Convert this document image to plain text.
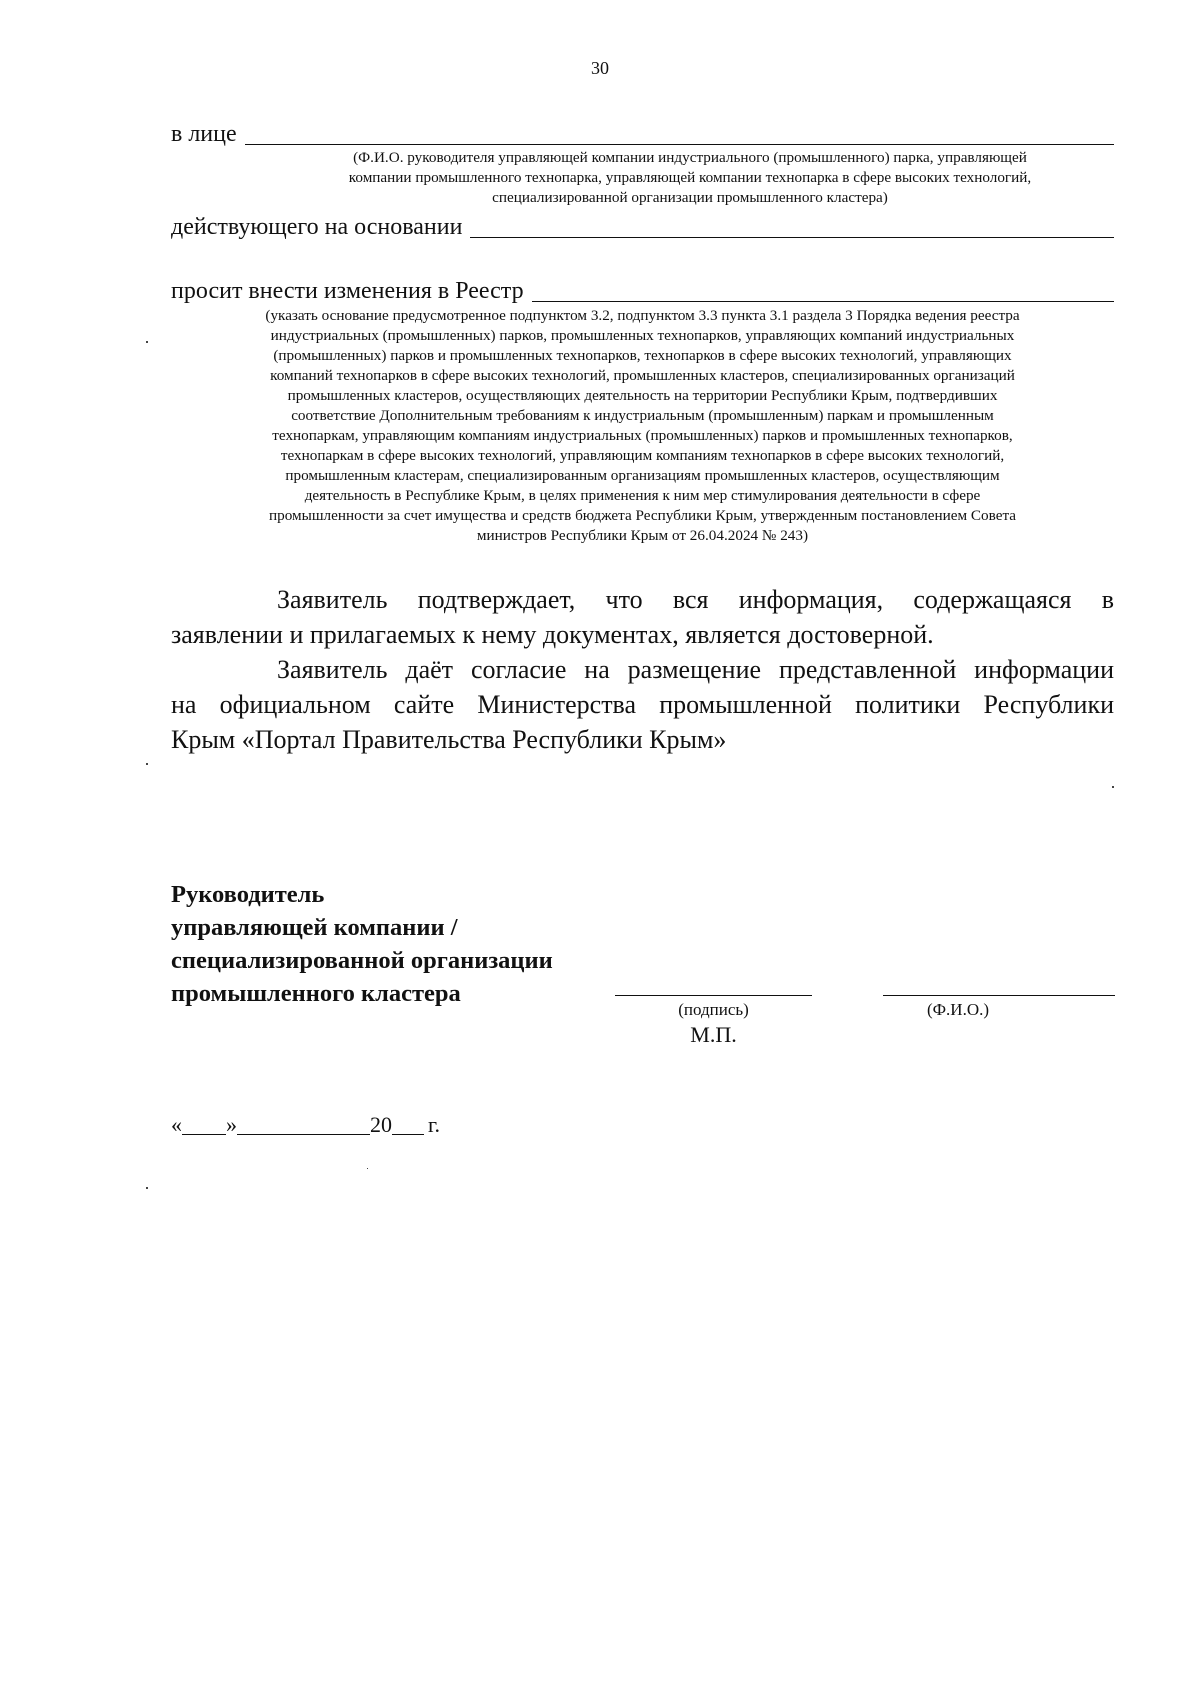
30
в лице
(Ф.И.О. руководителя управляющей компании индустриального (промышленного) парка, управляющей
компании промышленного технопарка, управляющей компании технопарка в сфере высоких технологий,
специализированной организации промышленного кластера)
действующего на основании
просит внести изменения в Реестр
(указать основание предусмотренное подпунктом 3.2, подпунктом 3.3 пункта 3.1 раздела 3 Порядка ведения реестра
индустриальных (промышленных) парков, промышленных технопарков, управляющих компаний индустриальных
(промышленных) парков и промышленных технопарков, технопарков в сфере высоких технологий, управляющих
компаний технопарков в сфере высоких технологий, промышленных кластеров, специализированных организаций
промышленных кластеров, осуществляющих деятельность на территории Республики Крым, подтвердивших
соответствие Дополнительным требованиям к индустриальным (промышленным) паркам и промышленным
технопаркам, управляющим компаниям индустриальных (промышленных) парков и промышленных технопарков,
технопаркам в сфере высоких технологий, управляющим компаниям технопарков в сфере высоких технологий,
промышленным кластерам, специализированным организациям промышленных кластеров, осуществляющим
деятельность в Республике Крым, в целях применения к ним мер стимулирования деятельности в сфере
промышленности за счет имущества и средств бюджета Республики Крым, утвержденным постановлением Совета
министров Республики Крым от 26.04.2024 № 243)
Заявитель подтверждает, что вся информация, содержащаяся в
заявлении и прилагаемых к нему документах, является достоверной.
Заявитель даёт согласие на размещение представленной информации
на официальном сайте Министерства промышленной политики Республики
Крым «Портал Правительства Республики Крым»
Руководитель
управляющей компании /
специализированной организации
промышленного кластера
(подпись)
М.П.
(Ф.И.О.)
« »	20 г.
